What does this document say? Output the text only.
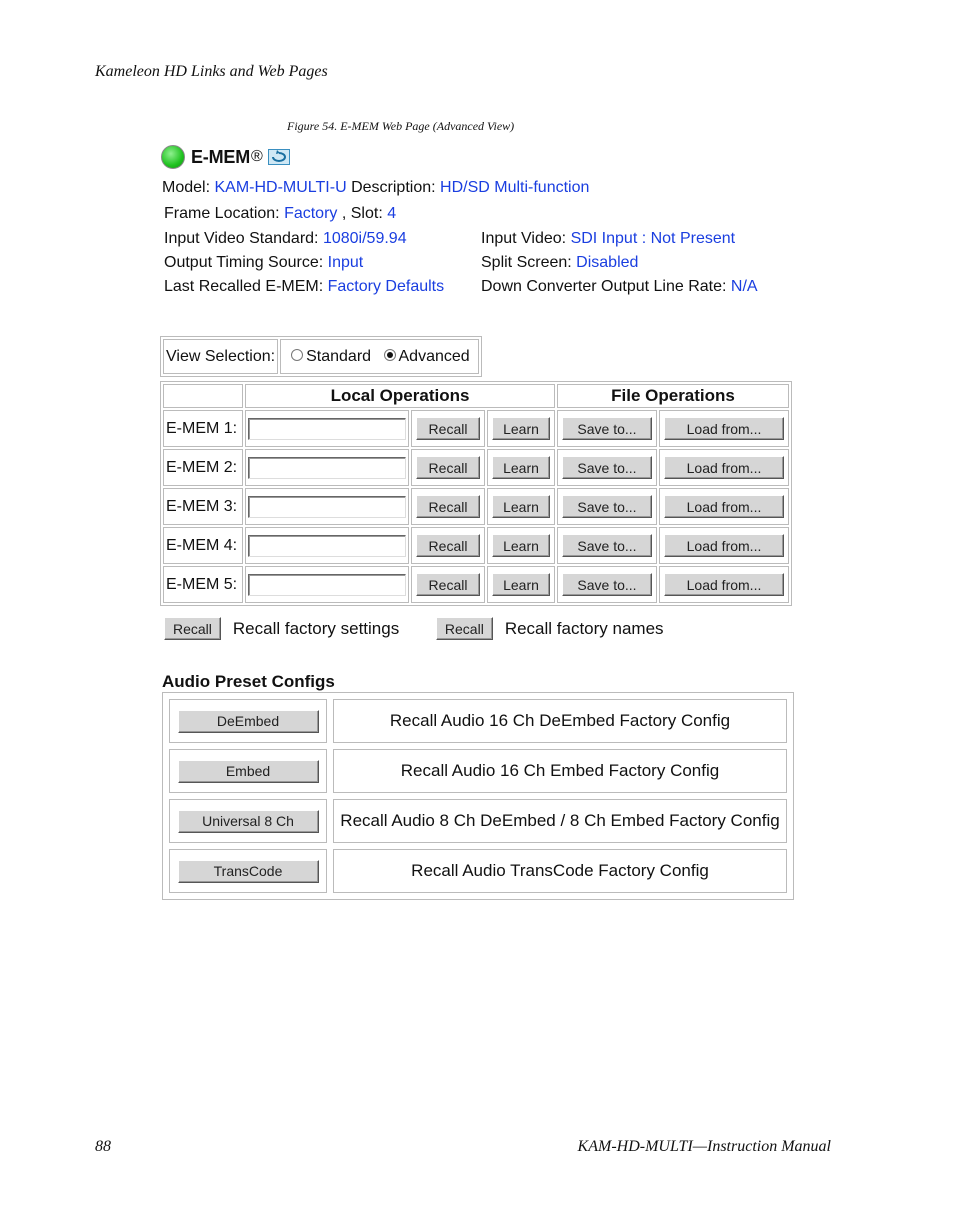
Kameleon HD Links and Web Pages
Figure 54. E-MEM Web Page (Advanced View)
E-MEM ®
Model: KAM-HD-MULTI-U Description: HD/SD Multi-function
Frame Location: Factory , Slot: 4
Input Video Standard: 1080i/59.94
Output Timing Source: Input
Last Recalled E-MEM: Factory Defaults
Input Video: SDI Input : Not Present
Split Screen: Disabled
Down Converter Output Line Rate: N/A
View Selection:	Standard Advanced
	Local Operations			File Operations	
E-MEM 1:		Recall	Learn	Save to...	Load from...
E-MEM 2:		Recall	Learn	Save to...	Load from...
E-MEM 3:		Recall	Learn	Save to...	Load from...
E-MEM 4:		Recall	Learn	Save to...	Load from...
E-MEM 5:		Recall	Learn	Save to...	Load from...
Recall	Recall factory settings	Recall	Recall factory names
Audio Preset Configs
DeEmbed	Recall Audio 16 Ch DeEmbed Factory Config
Embed	Recall Audio 16 Ch Embed Factory Config
Universal 8 Ch	Recall Audio 8 Ch DeEmbed / 8 Ch Embed Factory Config
TransCode	Recall Audio TransCode Factory Config
88	KAM-HD-MULTI—Instruction Manual
